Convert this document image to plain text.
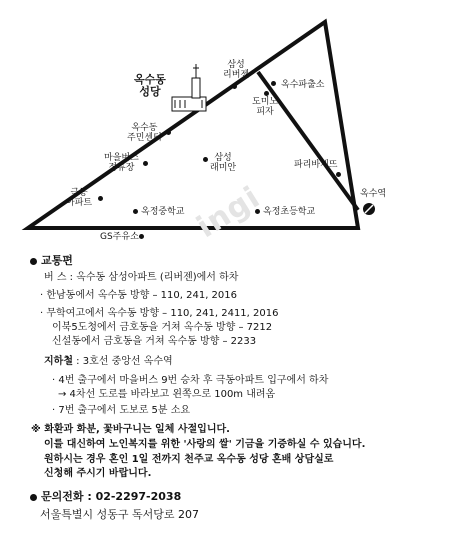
옥수동
성당
삼성
리버젠
옥수파출소
도미노
피자
옥수동
주민센터
마을버스
정류장
삼성
래미안	파리바게뜨
극동
아파트
옥정중학교	옥정초등학교
옥수역
GS주유소 ingi
교통편
버 스 : 옥수동 삼성아파트 (리버젠)에서 하차
· 한남동에서 옥수동 방향 – 110, 241, 2016
· 무학여고에서 옥수동 방향 – 110, 241, 2411, 2016
이북5도청에서 금호동을 거쳐 옥수동 방향 – 7212
신설동에서 금호동을 거쳐 옥수동 방향 – 2233
지하철 : 3호선 중앙선 옥수역
· 4번 출구에서 마을버스 9번 승차 후 극동아파트 입구에서 하차
→ 4차선 도로를 바라보고 왼쪽으로 100m 내려옴
· 7번 출구에서 도보로 5분 소요
※ 화환과 화분, 꽃바구니는 일체 사절입니다.
이를 대신하여 노인복지를 위한 '사랑의 쌀' 기금을 기증하실 수 있습니다.
원하시는 경우 혼인 1일 전까지 천주교 옥수동 성당 혼배 상담실로
신청해 주시기 바랍니다.
문의전화 : 02-2297-2038
서울특별시 성동구 독서당로 207
